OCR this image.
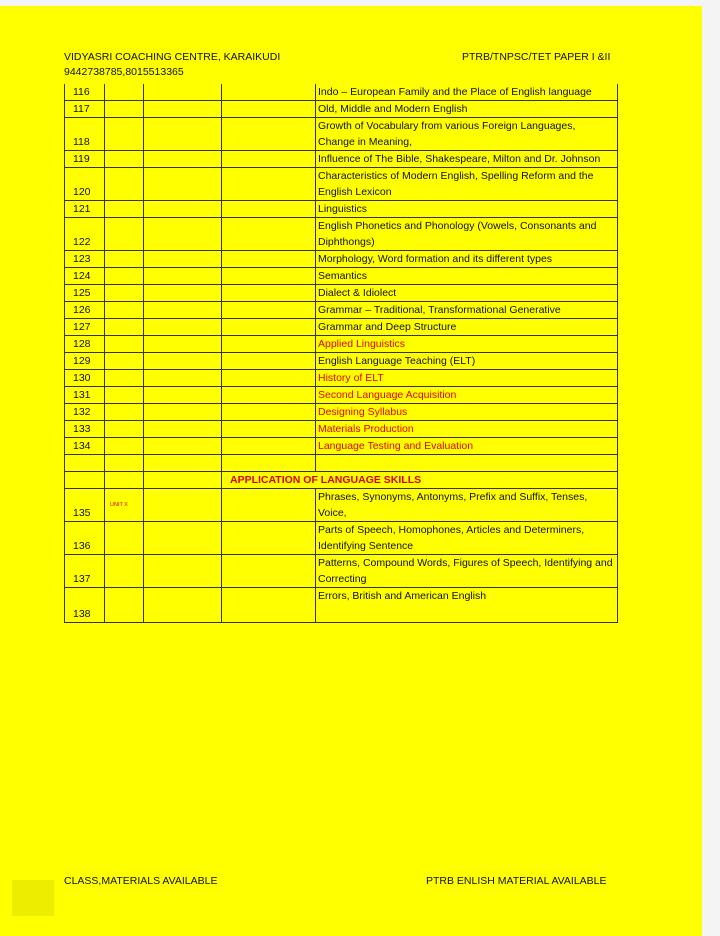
VIDYASRI COACHING CENTRE, KARAIKUDI
9442738785,8015513365
PTRB/TNPSC/TET PAPER I &II
116				Indo – European Family and the Place of English language
117				Old, Middle and Modern English
118				Growth of Vocabulary from various Foreign Languages, Change in Meaning,
119				Influence of The Bible, Shakespeare, Milton and Dr. Johnson
120				Characteristics of Modern English, Spelling Reform and the English Lexicon
121				Linguistics
122				English Phonetics and Phonology (Vowels, Consonants and Diphthongs)
123				Morphology, Word formation and its different types
124				Semantics
125				Dialect & Idiolect
126				Grammar – Traditional, Transformational Generative
127				Grammar and Deep Structure
128				Applied Linguistics
129				English Language Teaching (ELT)
130				History of ELT
131				Second Language Acquisition
132				Designing Syllabus
133				Materials Production
134				Language Testing and Evaluation

			APPLICATION OF LANGUAGE SKILLS	
135	UNIT X			Phrases, Synonyms, Antonyms, Prefix and Suffix, Tenses, Voice,
136				Parts of Speech, Homophones, Articles and Determiners, Identifying Sentence
137				Patterns, Compound Words, Figures of Speech, Identifying and Correcting
138				Errors, British and American English
CLASS,MATERIALS AVAILABLE	PTRB ENLISH MATERIAL AVAILABLE
